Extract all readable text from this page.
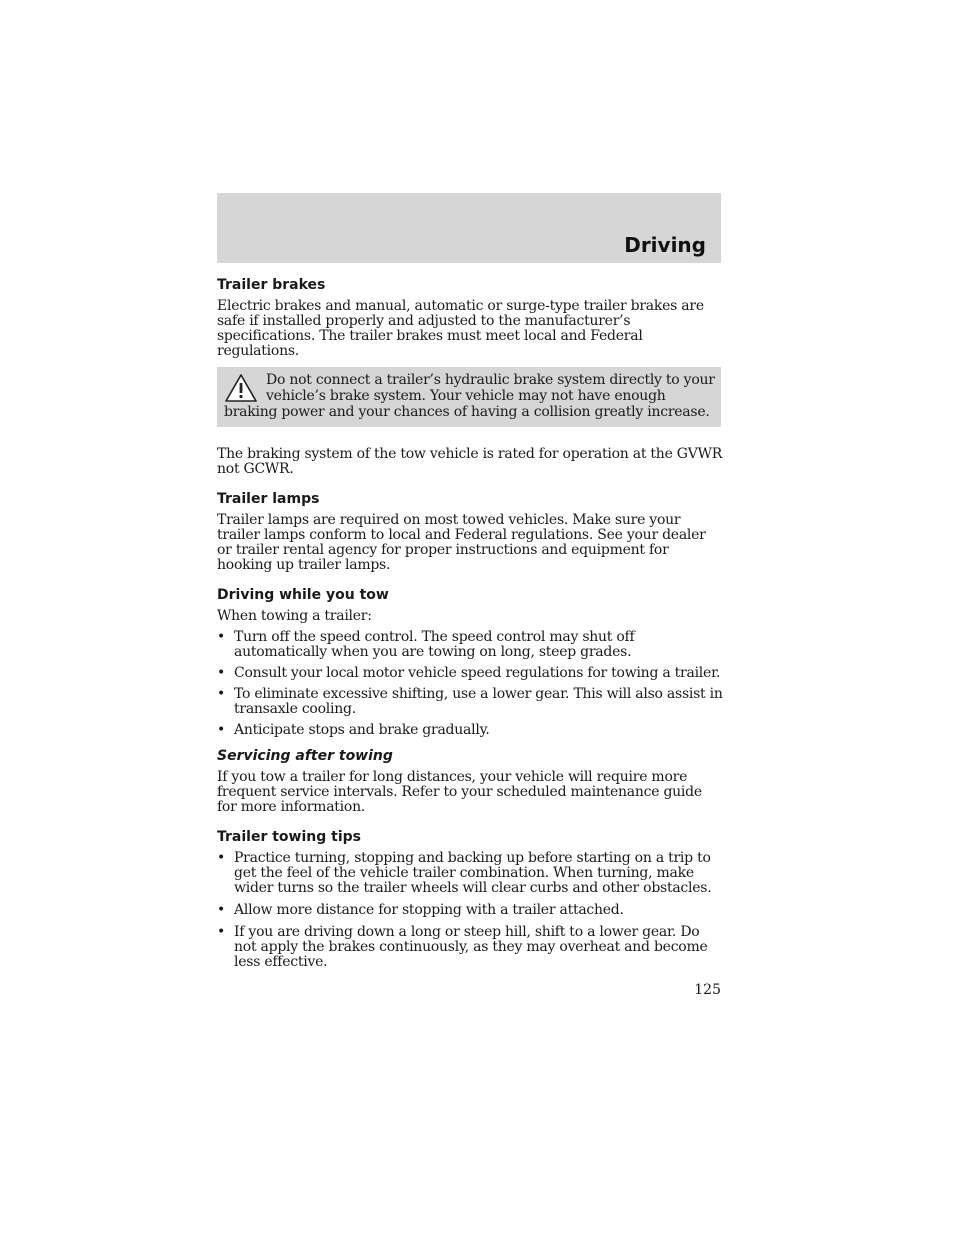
Driving
Trailer brakes

Electric brakes and manual, automatic or surge-type trailer brakes are safe if installed properly and adjusted to the manufacturer’s specifications. The trailer brakes must meet local and Federal regulations.

Do not connect a trailer’s hydraulic brake system directly to your vehicle’s brake system. Your vehicle may not have enough braking power and your chances of having a collision greatly increase.

The braking system of the tow vehicle is rated for operation at the GVWR not GCWR.

Trailer lamps

Trailer lamps are required on most towed vehicles. Make sure your trailer lamps conform to local and Federal regulations. See your dealer or trailer rental agency for proper instructions and equipment for hooking up trailer lamps.

Driving while you tow

When towing a trailer:

• Turn off the speed control. The speed control may shut off automatically when you are towing on long, steep grades.
• Consult your local motor vehicle speed regulations for towing a trailer.
• To eliminate excessive shifting, use a lower gear. This will also assist in transaxle cooling.
• Anticipate stops and brake gradually.
Servicing after towing

If you tow a trailer for long distances, your vehicle will require more frequent service intervals. Refer to your scheduled maintenance guide for more information.

Trailer towing tips
• Practice turning, stopping and backing up before starting on a trip to get the feel of the vehicle trailer combination. When turning, make wider turns so the trailer wheels will clear curbs and other obstacles.
• Allow more distance for stopping with a trailer attached.
• If you are driving down a long or steep hill, shift to a lower gear. Do not apply the brakes continuously, as they may overheat and become less effective.
125
